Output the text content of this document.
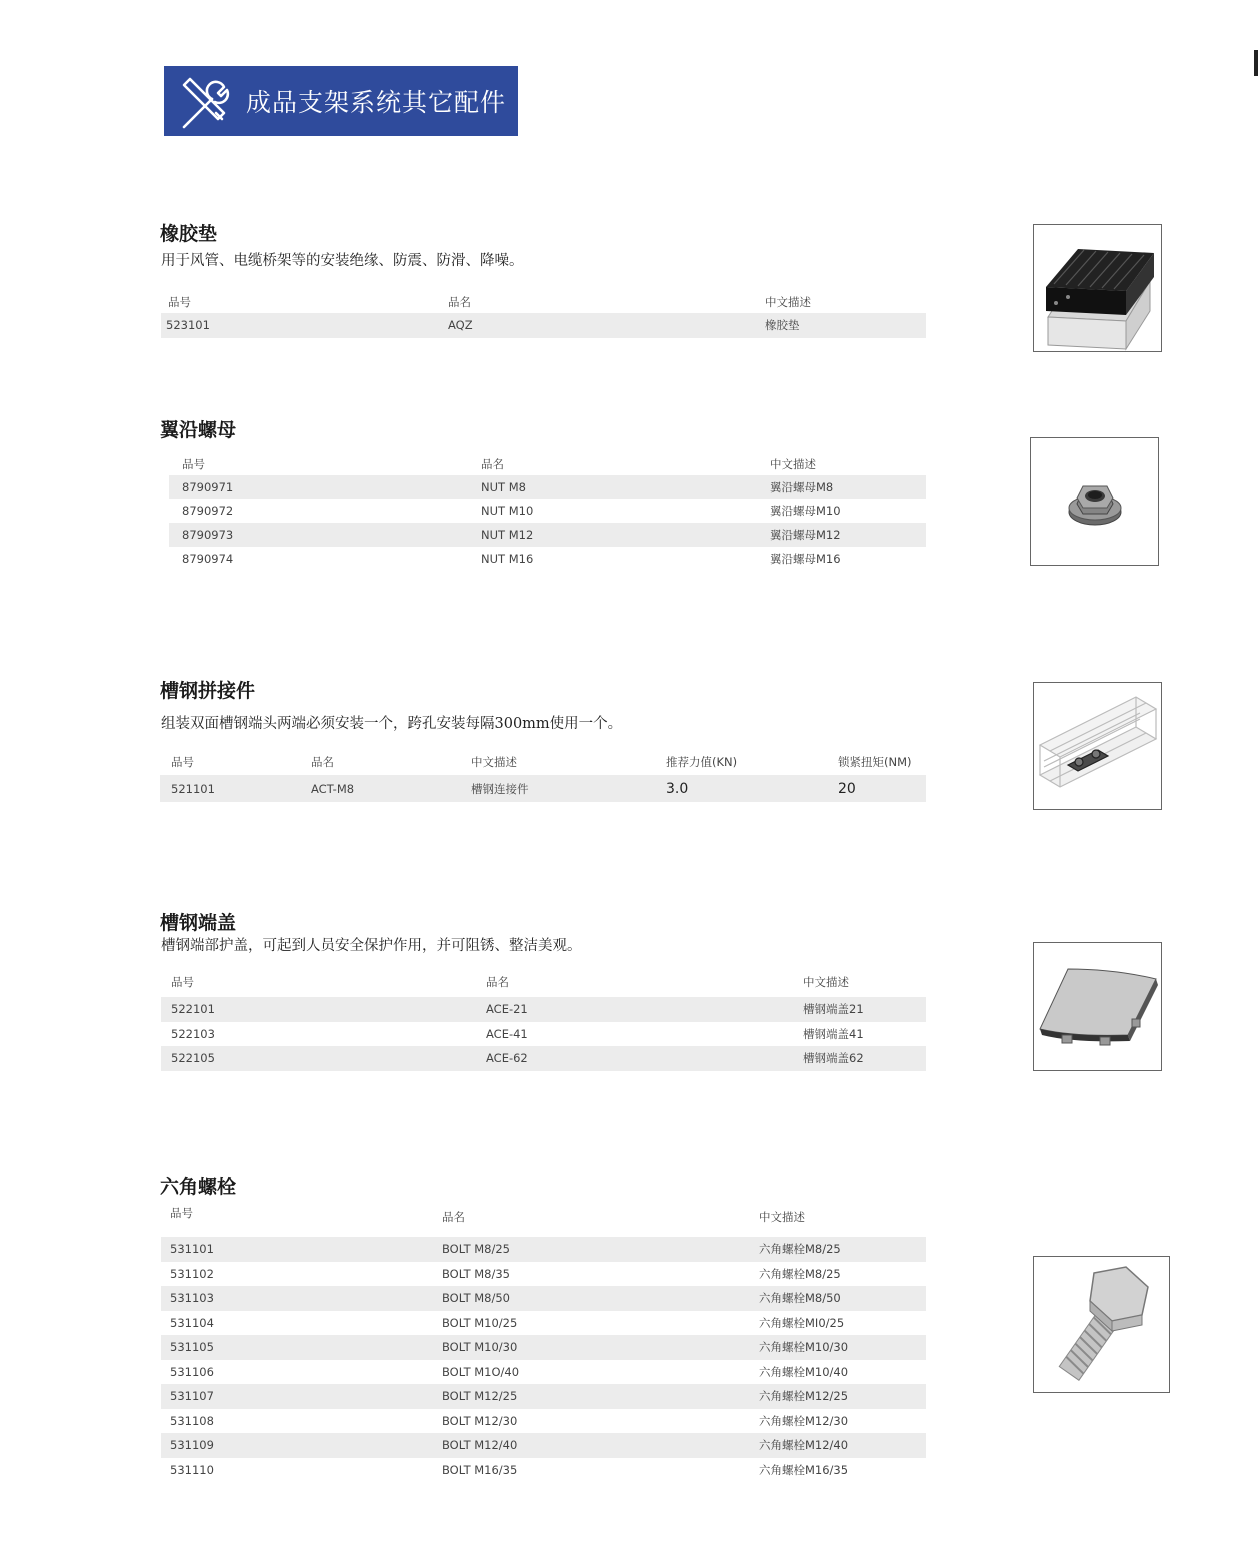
成品支架系统其它配件
橡胶垫
用于风管、电缆桥架等的安装绝缘、防震、防滑、降噪。
品号	品名	中文描述
523101	AQZ	橡胶垫
翼沿螺母
品号	品名	中文描述
8790971	NUT M8	翼沿螺母M8
8790972	NUT M10	翼沿螺母M10
8790973	NUT M12	翼沿螺母M12
8790974	NUT M16	翼沿螺母M16
槽钢拼接件
组装双面槽钢端头两端必须安装一个，跨孔安装每隔300mm使用一个。
品号	品名	中文描述	推荐力值(KN)	锁紧扭矩(NM)
521101	ACT-M8	槽钢连接件	3.0	20
槽钢端盖
槽钢端部护盖，可起到人员安全保护作用，并可阻锈、整洁美观。
品号	品名	中文描述
522101	ACE-21	槽钢端盖21
522103	ACE-41	槽钢端盖41
522105	ACE-62	槽钢端盖62
六角螺栓
品号	品名	中文描述
531101	BOLT M8/25	六角螺栓M8/25
531102	BOLT M8/35	六角螺栓M8/25
531103	BOLT M8/50	六角螺栓M8/50
531104	BOLT M10/25	六角螺栓MI0/25
531105	BOLT M10/30	六角螺栓M10/30
531106	BOLT M1O/40	六角螺栓M10/40
531107	BOLT M12/25	六角螺栓M12/25
531108	BOLT M12/30	六角螺栓M12/30
531109	BOLT M12/40	六角螺栓M12/40
531110	BOLT M16/35	六角螺栓M16/35
